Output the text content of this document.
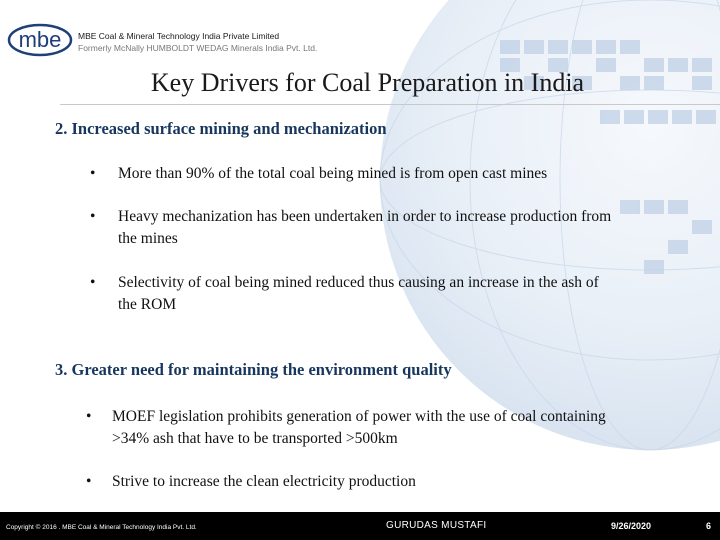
mbe MBE Coal & Mineral Technology India Private Limited
Formerly McNally HUMBOLDT WEDAG Minerals India Pvt. Ltd.
Key Drivers for Coal Preparation in India
2. Increased surface mining and mechanization
• More than 90% of the total coal being mined is from open cast mines
• Heavy mechanization has been undertaken in order to increase production from
the mines
• Selectivity of coal being mined reduced thus causing an increase in the ash of
the ROM
3. Greater need for maintaining the environment quality
• MOEF legislation prohibits generation of power with the use of coal containing
>34% ash that have to be transported >500km
• Strive to increase the clean electricity production
Copyright © 2016 . MBE Coal & Mineral Technology India Pvt. Ltd.	GURUDAS MUSTAFI	9/26/2020	6
